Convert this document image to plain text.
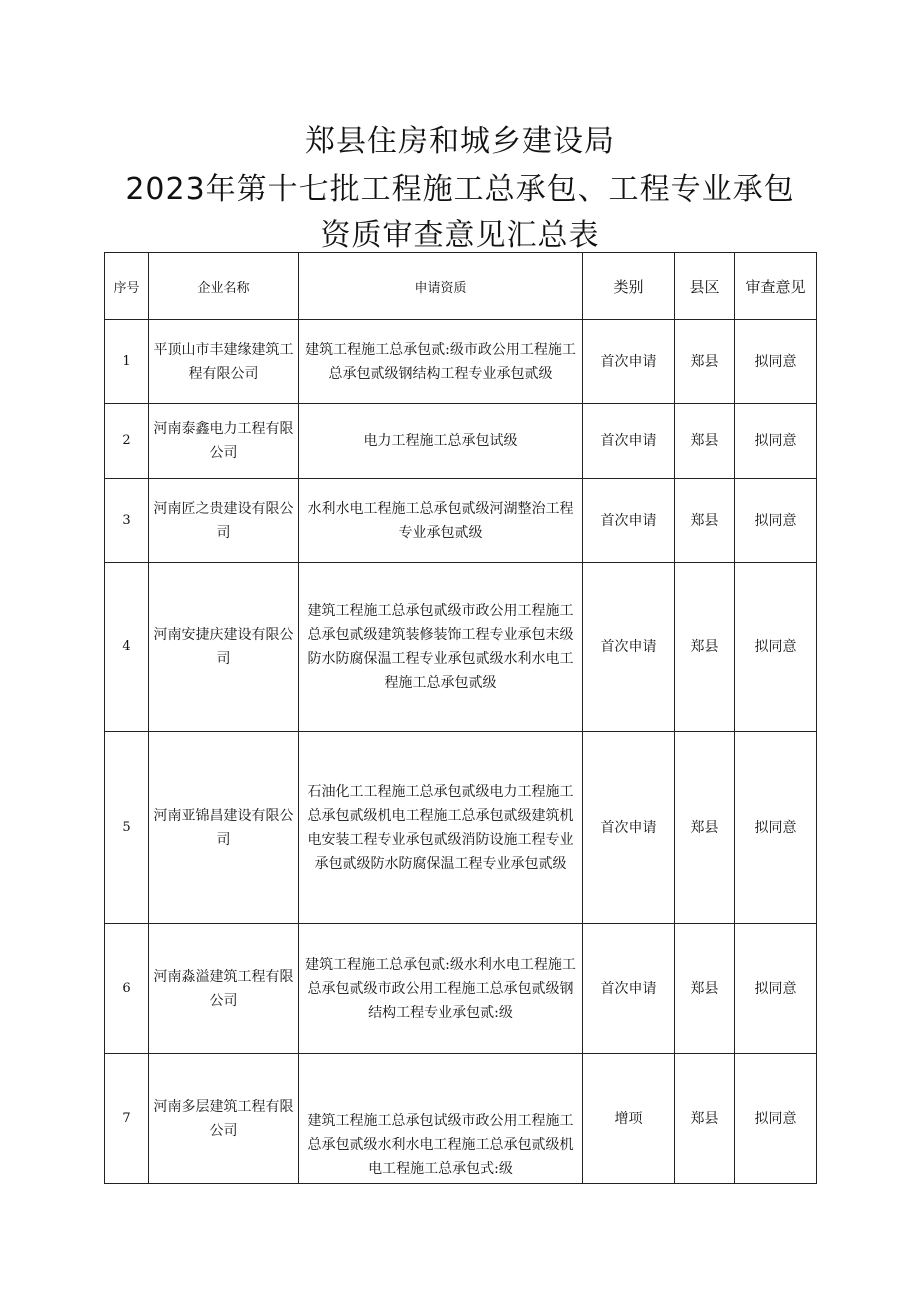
郑县住房和城乡建设局
2023年第十七批工程施工总承包、工程专业承包
资质审查意见汇总表
序号	企业名称	申请资质	类别	县区	审查意见
1	平顶山市丰建缘建筑工程有限公司	建筑工程施工总承包贰:级市政公用工程施工总承包贰级钢结构工程专业承包贰级	首次申请	郑县	拟同意
2	河南泰鑫电力工程有限公司	电力工程施工总承包试级	首次申请	郑县	拟同意
3	河南匠之贵建设有限公司	水利水电工程施工总承包贰级河湖整治工程专业承包贰级	首次申请	郑县	拟同意
4	河南安捷庆建设有限公司	建筑工程施工总承包贰级市政公用工程施工总承包贰级建筑装修装饰工程专业承包末级防水防腐保温工程专业承包贰级水利水电工程施工总承包贰级	首次申请	郑县	拟同意
5	河南亚锦昌建设有限公司	石油化工工程施工总承包贰级电力工程施工总承包贰级机电工程施工总承包贰级建筑机电安装工程专业承包贰级消防设施工程专业承包贰级防水防腐保温工程专业承包贰级	首次申请	郑县	拟同意
6	河南淼溢建筑工程有限公司	建筑工程施工总承包贰:级水利水电工程施工总承包贰级市政公用工程施工总承包贰级钢结构工程专业承包贰:级	首次申请	郑县	拟同意
7	河南多层建筑工程有限公司	建筑工程施工总承包试级市政公用工程施工总承包贰级水利水电工程施工总承包贰级机电工程施工总承包式:级	增项	郑县	拟同意
